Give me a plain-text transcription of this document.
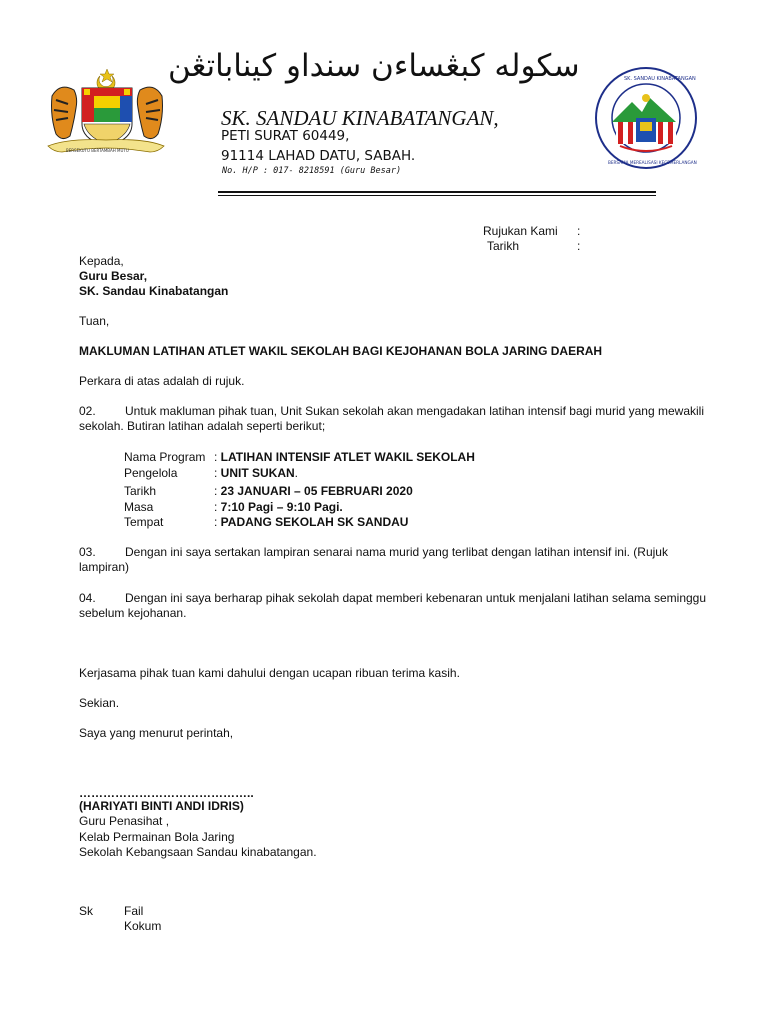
BERSEKUTU BERTAMBAH MUTU
SK. SANDAU KINABATANGAN
BERSAMA MEREALISASI KECEMERLANGAN
سكوله كبڠساءن سنداو كيناباتڠن
SK. SANDAU KINABATANGAN,
PETI SURAT 60449,
91114 LAHAD DATU, SABAH.
No. H/P : 017- 8218591 (Guru Besar)
Rujukan Kami :
Tarikh	:
Kepada,
Guru Besar,
SK. Sandau Kinabatangan
Tuan,
MAKLUMAN LATIHAN ATLET WAKIL SEKOLAH BAGI KEJOHANAN BOLA JARING DAERAH
Perkara di atas adalah di rujuk.
02. Untuk makluman pihak tuan, Unit Sukan sekolah akan mengadakan latihan intensif bagi murid yang mewakili sekolah. Butiran latihan adalah seperti berikut;
Nama Program : LATIHAN INTENSIF ATLET WAKIL SEKOLAH
Pengelola	: UNIT SUKAN.
Tarikh	: 23 JANUARI – 05 FEBRUARI 2020
Masa	: 7:10 Pagi – 9:10 Pagi.
Tempat	: PADANG SEKOLAH SK SANDAU
03. Dengan ini saya sertakan lampiran senarai nama murid yang terlibat dengan latihan intensif ini. (Rujuk lampiran)
04. Dengan ini saya berharap pihak sekolah dapat memberi kebenaran untuk menjalani latihan selama seminggu sebelum kejohanan.
Kerjasama pihak tuan kami dahului dengan ucapan ribuan terima kasih.
Sekian.
Saya yang menurut perintah,
……………………………………..
(HARIYATI BINTI ANDI IDRIS)
Guru Penasihat ,
Kelab Permainan Bola Jaring
Sekolah Kebangsaan Sandau kinabatangan.
Sk	Fail
Kokum
